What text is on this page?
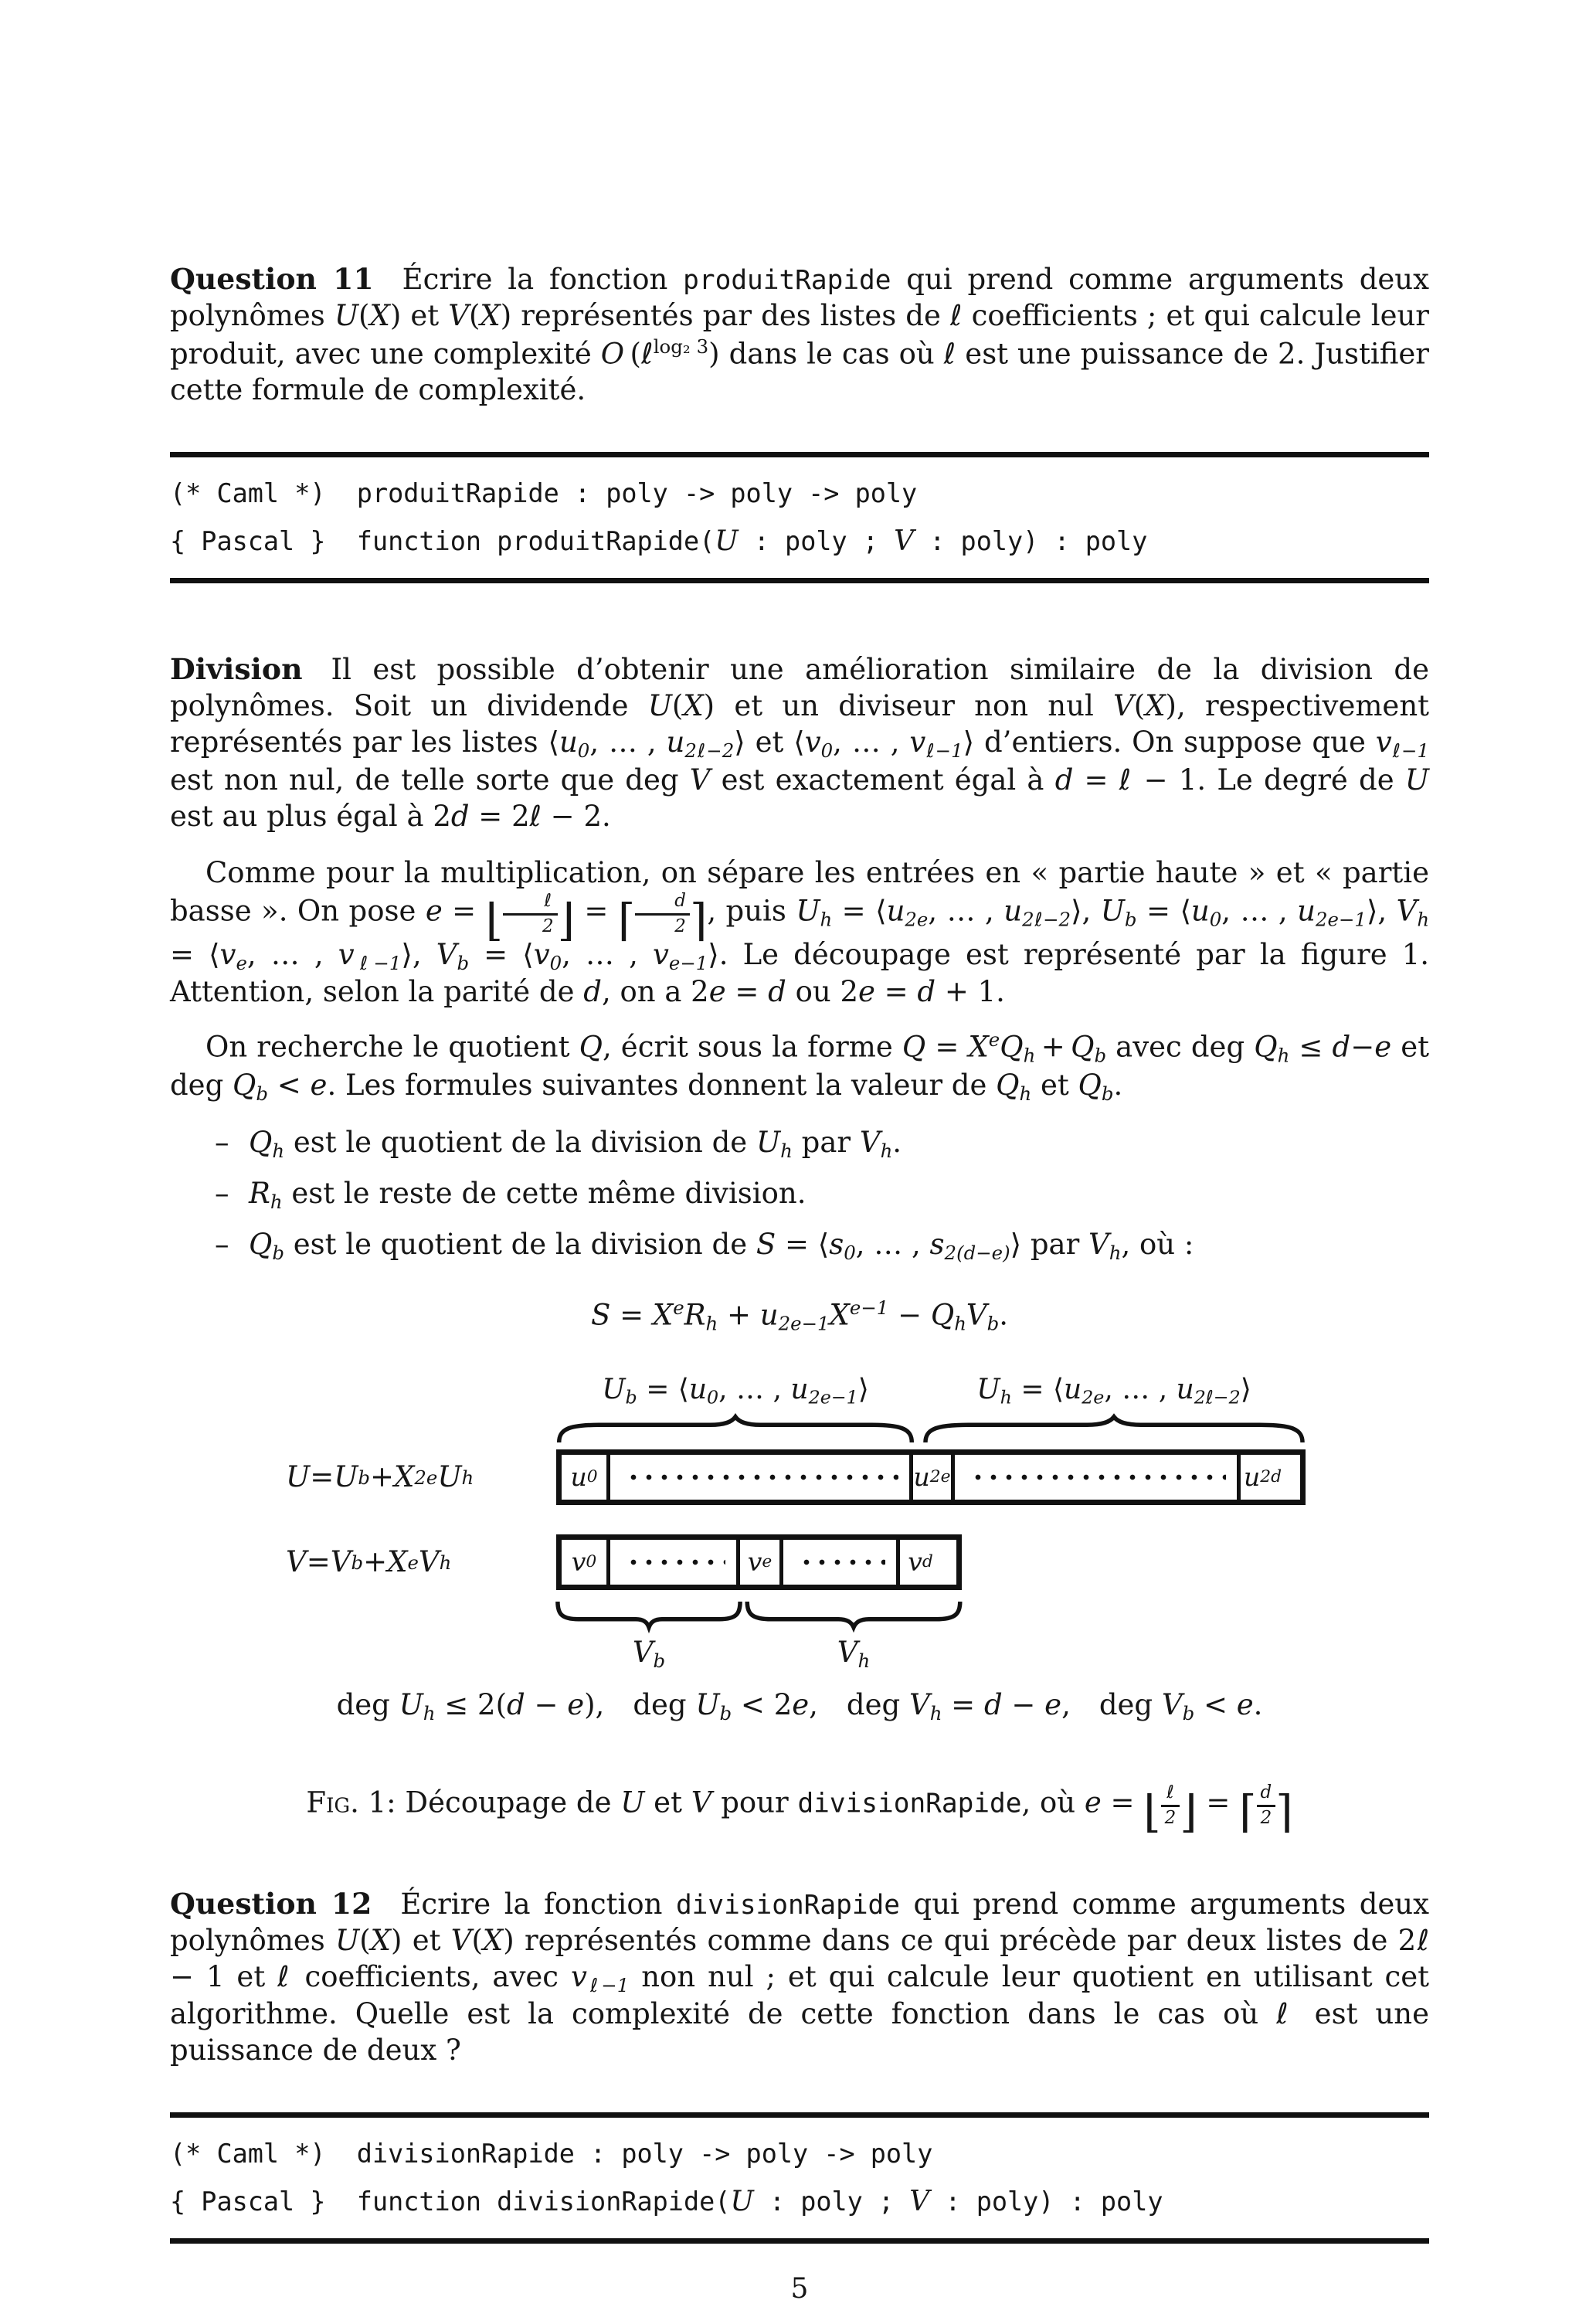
Question 11  Écrire la fonction produitRapide qui prend comme arguments deux polynômes U(X) et V(X) représentés par des listes de ℓ coefficients ; et qui calcule leur produit, avec une complexité O (ℓ$^{log_2 3}$) dans le cas où ℓ est une puissance de 2. Justifier cette formule de complexité.

(* Caml *)  produitRapide : poly -> poly -> poly

{ Pascal }  function produitRapide(U : poly ; V : poly) : poly

Division  Il est possible d’obtenir une amélioration similaire de la division de polynômes. Soit un dividende U(X) et un diviseur non nul V(X), respectivement représentés par les listes ⟨u0, … , u2ℓ−2⟩ et ⟨v0, … , vℓ−1⟩ d’entiers. On suppose que vℓ−1 est non nul, de telle sorte que deg V est exactement égal à d = ℓ − 1. Le degré de U est au plus égal à 2d = 2ℓ − 2.

Comme pour la multiplication, on sépare les entrées en « partie haute » et « partie basse ». On pose e = ⌊ $\frac{\text{ℓ}}{2}$ ⌋ = ⌈ $\frac{d}{2}$ ⌉, puis Uh = ⟨u2e, … , u2ℓ−2⟩, Ub = ⟨u0, … , u2e−1⟩, Vh = ⟨ve, … , vℓ−1⟩, Vb = ⟨v0, … , ve−1⟩. Le découpage est représenté par la figure 1. Attention, selon la parité de d, on a 2e = d ou 2e = d + 1.

On recherche le quotient Q, écrit sous la forme $Q = X^eQh + Qb$ avec deg Qh ≤ d−e et deg Qb < e. Les formules suivantes donnent la valeur de Qh et Qb.

– Qh est le quotient de la division de Uh par Vh.
– Rh est le reste de cette même division.
– Qb est le quotient de la division de S = ⟨s0, … , s2(d−e)⟩ par Vh, où :
$S = X^eRh + u2e-1X^{e-1}$ − QhVb.
Ub = ⟨u0, … , u2e−1⟩	Uh = ⟨u2e, … , u2ℓ−2⟩
U = U b + X 2e U h	u 0	u 2e	u 2d
V = V b + X e V h	v 0	v e	v d
Vb	Vh
deg Uh ≤ 2(d − e), deg Ub < 2e, deg Vh = d − e, deg Vb < e.
Fig. 1: Découpage de U et V pour divisionRapide, où e = ⌊ $\frac{\text{ℓ}}{2}$ ⌋ = ⌈ $\frac{d}{2}$ ⌉

Question 12  Écrire la fonction divisionRapide qui prend comme arguments deux polynômes U(X) et V(X) représentés comme dans ce qui précède par deux listes de 2ℓ − 1 et ℓ coefficients, avec vℓ−1 non nul ; et qui calcule leur quotient en utilisant cet algorithme. Quelle est la complexité de cette fonction dans le cas où ℓ est une puissance de deux ?

(* Caml *)  divisionRapide : poly -> poly -> poly

{ Pascal }  function divisionRapide(U : poly ; V : poly) : poly

5
